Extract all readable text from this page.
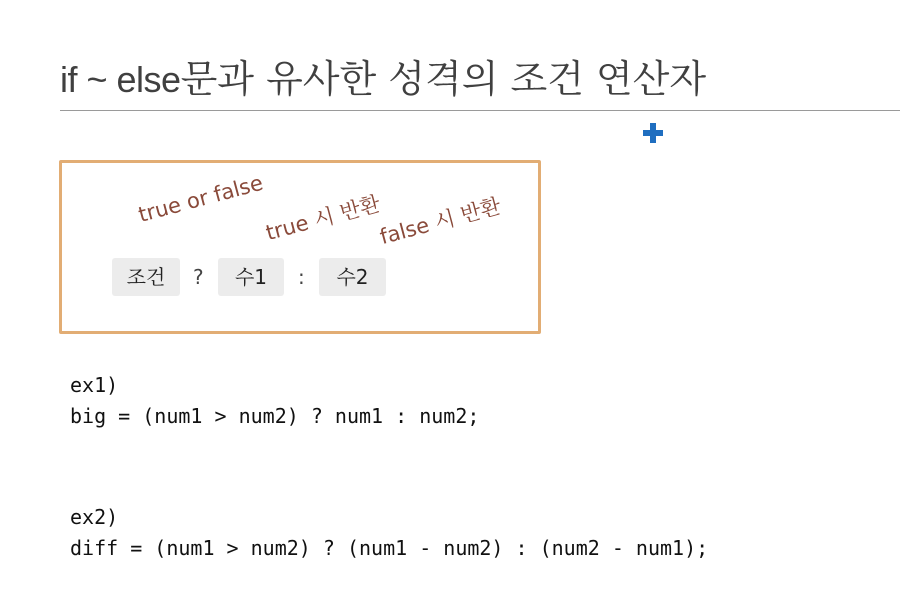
if ~ else문과 유사한 성격의 조건 연산자
true or false
true 시 반환
false 시 반환
조건	?	수1	:	수2
ex1)
big = (num1 > num2) ? num1 : num2;
ex2)
diff = (num1 > num2) ? (num1 - num2) : (num2 - num1);
